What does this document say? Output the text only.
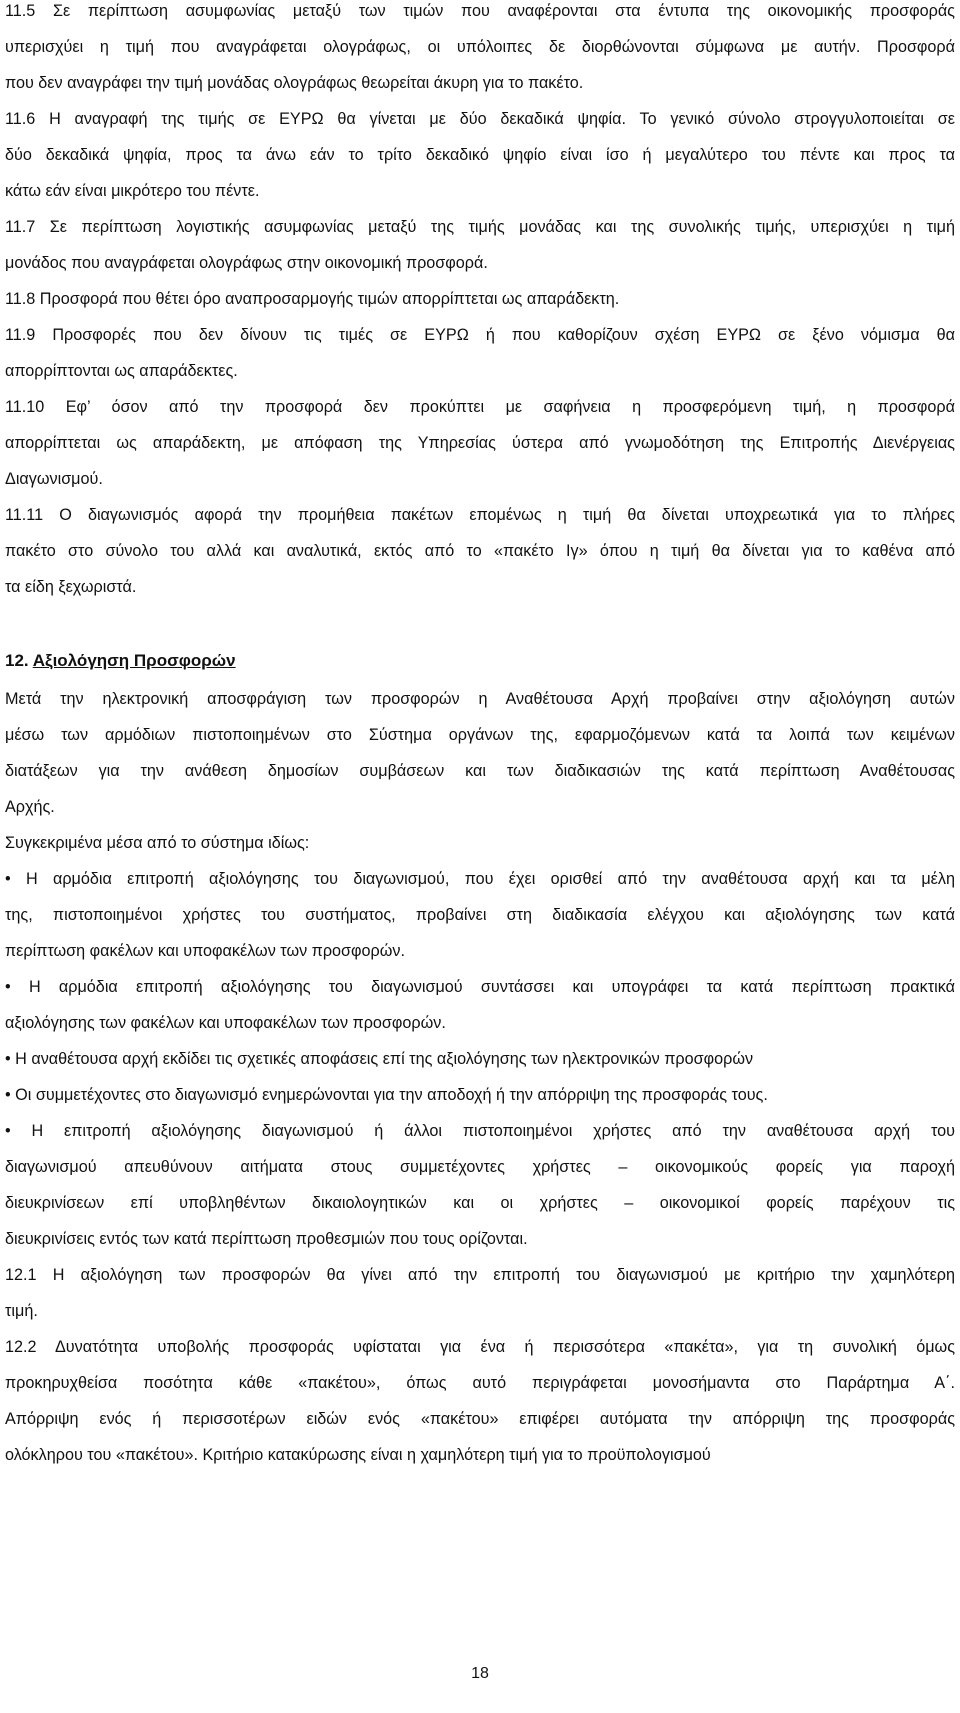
11.5 Σε περίπτωση ασυμφωνίας μεταξύ των τιμών που αναφέρονται στα έντυπα της οικονομικής προσφοράς
υπερισχύει η τιμή που αναγράφεται ολογράφως, οι υπόλοιπες δε διορθώνονται σύμφωνα με αυτήν. Προσφορά
που δεν αναγράφει την τιμή μονάδας ολογράφως θεωρείται άκυρη για το πακέτο.
11.6 Η αναγραφή της τιμής σε ΕΥΡΩ θα γίνεται με δύο δεκαδικά ψηφία. Το γενικό σύνολο στρογγυλοποιείται σε
δύο δεκαδικά ψηφία, προς τα άνω εάν το τρίτο δεκαδικό ψηφίο είναι ίσο ή μεγαλύτερο του πέντε και προς τα
κάτω εάν είναι μικρότερο του πέντε.
11.7 Σε περίπτωση λογιστικής ασυμφωνίας μεταξύ της τιμής μονάδας και της συνολικής τιμής, υπερισχύει η τιμή
μονάδος που αναγράφεται ολογράφως στην οικονομική προσφορά.
11.8 Προσφορά που θέτει όρο αναπροσαρμογής τιμών απορρίπτεται ως απαράδεκτη.
11.9 Προσφορές που δεν δίνουν τις τιμές σε ΕΥΡΩ ή που καθορίζουν σχέση ΕΥΡΩ σε ξένο νόμισμα θα
απορρίπτονται ως απαράδεκτες.
11.10 Εφ’ όσον από την προσφορά δεν προκύπτει με σαφήνεια η προσφερόμενη τιμή, η προσφορά
απορρίπτεται ως απαράδεκτη, με απόφαση της Υπηρεσίας ύστερα από γνωμοδότηση της Επιτροπής Διενέργειας
Διαγωνισμού.
11.11 Ο διαγωνισμός αφορά την προμήθεια πακέτων επομένως η τιμή θα δίνεται υποχρεωτικά για το πλήρες
πακέτο στο σύνολο του αλλά και αναλυτικά, εκτός από το «πακέτο Ιγ» όπου η τιμή θα δίνεται για το καθένα από
τα είδη ξεχωριστά.
12. Αξιολόγηση Προσφορών
Μετά την ηλεκτρονική αποσφράγιση των προσφορών η Αναθέτουσα Αρχή προβαίνει στην αξιολόγηση αυτών
μέσω των αρμόδιων πιστοποιημένων στο Σύστημα οργάνων της, εφαρμοζόμενων κατά τα λοιπά των κειμένων
διατάξεων για την ανάθεση δημοσίων συμβάσεων και των διαδικασιών της κατά περίπτωση Αναθέτουσας
Αρχής.
Συγκεκριμένα μέσα από το σύστημα ιδίως:
• Η αρμόδια επιτροπή αξιολόγησης του διαγωνισμού, που έχει ορισθεί από την αναθέτουσα αρχή και τα μέλη
της, πιστοποιημένοι χρήστες του συστήματος, προβαίνει στη διαδικασία ελέγχου και αξιολόγησης των κατά
περίπτωση φακέλων και υποφακέλων των προσφορών.
• Η αρμόδια επιτροπή αξιολόγησης του διαγωνισμού συντάσσει και υπογράφει τα κατά περίπτωση πρακτικά
αξιολόγησης των φακέλων και υποφακέλων των προσφορών.
• Η αναθέτουσα αρχή εκδίδει τις σχετικές αποφάσεις επί της αξιολόγησης των ηλεκτρονικών προσφορών
• Οι συμμετέχοντες στο διαγωνισμό ενημερώνονται για την αποδοχή ή την απόρριψη της προσφοράς τους.
• Η επιτροπή αξιολόγησης διαγωνισμού ή άλλοι πιστοποιημένοι χρήστες από την αναθέτουσα αρχή του
διαγωνισμού απευθύνουν αιτήματα στους συμμετέχοντες χρήστες – οικονομικούς φορείς για παροχή
διευκρινίσεων επί υποβληθέντων δικαιολογητικών και οι χρήστες – οικονομικοί φορείς παρέχουν τις
διευκρινίσεις εντός των κατά περίπτωση προθεσμιών που τους ορίζονται.
12.1 Η αξιολόγηση των προσφορών θα γίνει από την επιτροπή του διαγωνισμού με κριτήριο την χαμηλότερη
τιμή.
12.2 Δυνατότητα υποβολής προσφοράς υφίσταται για ένα ή περισσότερα «πακέτα», για τη συνολική όμως
προκηρυχθείσα ποσότητα κάθε «πακέτου», όπως αυτό περιγράφεται μονοσήμαντα στο Παράρτημα Α΄.
Απόρριψη ενός ή περισσοτέρων ειδών ενός «πακέτου» επιφέρει αυτόματα την απόρριψη της προσφοράς
ολόκληρου του «πακέτου». Κριτήριο κατακύρωσης είναι η χαμηλότερη τιμή για το προϋπολογισμού
18
